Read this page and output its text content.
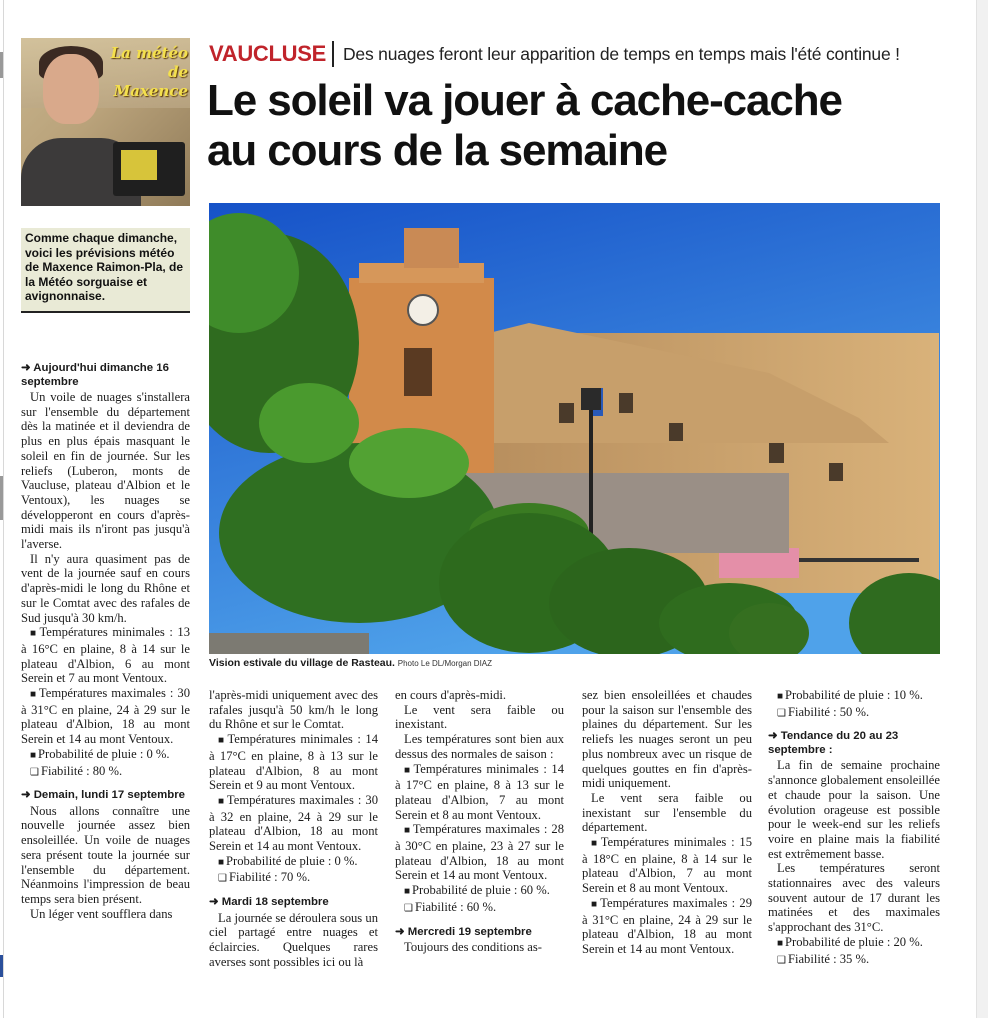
La météo
de Maxence
Comme chaque dimanche, voici les prévisions météo de Maxence Raimon-Pla, de la Météo sorguaise et avignonnaise.
VAUCLUSE Des nuages feront leur apparition de temps en temps mais l'été continue !
Le soleil va jouer à cache-cache
au cours de la semaine
Vision estivale du village de Rasteau. Photo Le DL/Morgan DIAZ
➜ Aujourd'hui dimanche 16 septembre

Un voile de nuages s'installera sur l'ensemble du département dès la matinée et il deviendra de plus en plus épais masquant le soleil en fin de journée. Sur les reliefs (Luberon, monts de Vaucluse, plateau d'Albion et le Ventoux), les nuages se développeront en cours d'après-midi mais ils n'iront pas jusqu'à l'averse.

Il n'y aura quasiment pas de vent de la journée sauf en cours d'après-midi le long du Rhône et sur le Comtat avec des rafales de Sud jusqu'à 30 km/h.

■ Températures minimales : 13 à 16°C en plaine, 8 à 14 sur le plateau d'Albion, 6 au mont Serein et 7 au mont Ventoux.

■ Températures maximales : 30 à 31°C en plaine, 24 à 29 sur le plateau d'Albion, 18 au mont Serein et 14 au mont Ventoux.

■ Probabilité de pluie : 0 %.

❑ Fiabilité : 80 %.

➜ Demain, lundi 17 septembre

Nous allons connaître une nouvelle journée assez bien ensoleillée. Un voile de nuages sera présent toute la journée sur l'ensemble du département. Néanmoins l'impression de beau temps sera bien présent.

Un léger vent soufflera dans

l'après-midi uniquement avec des rafales jusqu'à 50 km/h le long du Rhône et sur le Comtat.

■ Températures minimales : 14 à 17°C en plaine, 8 à 13 sur le plateau d'Albion, 8 au mont Serein et 9 au mont Ventoux.

■ Températures maximales : 30 à 32 en plaine, 24 à 29 sur le plateau d'Albion, 18 au mont Serein et 14 au mont Ventoux.

■ Probabilité de pluie : 0 %.

❑ Fiabilité : 70 %.

➜ Mardi 18 septembre

La journée se déroulera sous un ciel partagé entre nuages et éclaircies. Quelques rares averses sont possibles ici ou là

en cours d'après-midi.

Le vent sera faible ou inexistant.

Les températures sont bien aux dessus des normales de saison :

■ Températures minimales : 14 à 17°C en plaine, 8 à 13 sur le plateau d'Albion, 7 au mont Serein et 8 au mont Ventoux.

■ Températures maximales : 28 à 30°C en plaine, 23 à 27 sur le plateau d'Albion, 18 au mont Serein et 14 au mont Ventoux.

■ Probabilité de pluie : 60 %.

❑ Fiabilité : 60 %.

➜ Mercredi 19 septembre

Toujours des conditions as-

sez bien ensoleillées et chaudes pour la saison sur l'ensemble des plaines du département. Sur les reliefs les nuages seront un peu plus nombreux avec un risque de quelques gouttes en fin d'après-midi uniquement.

Le vent sera faible ou inexistant sur l'ensemble du département.

■ Températures minimales : 15 à 18°C en plaine, 8 à 14 sur le plateau d'Albion, 7 au mont Serein et 8 au mont Ventoux.

■ Températures maximales : 29 à 31°C en plaine, 24 à 29 sur le plateau d'Albion, 18 au mont Serein et 14 au mont Ventoux.

■ Probabilité de pluie : 10 %.

❑ Fiabilité : 50 %.

➜ Tendance du 20 au 23 septembre :

La fin de semaine prochaine s'annonce globalement ensoleillée et chaude pour la saison. Une évolution orageuse est possible pour le week-end sur les reliefs voire en plaine mais la fiabilité est extrêmement basse.

Les températures seront stationnaires avec des valeurs souvent autour de 17 durant les matinées et des maximales s'approchant des 31°C.

■ Probabilité de pluie : 20 %.

❑ Fiabilité : 35 %.
